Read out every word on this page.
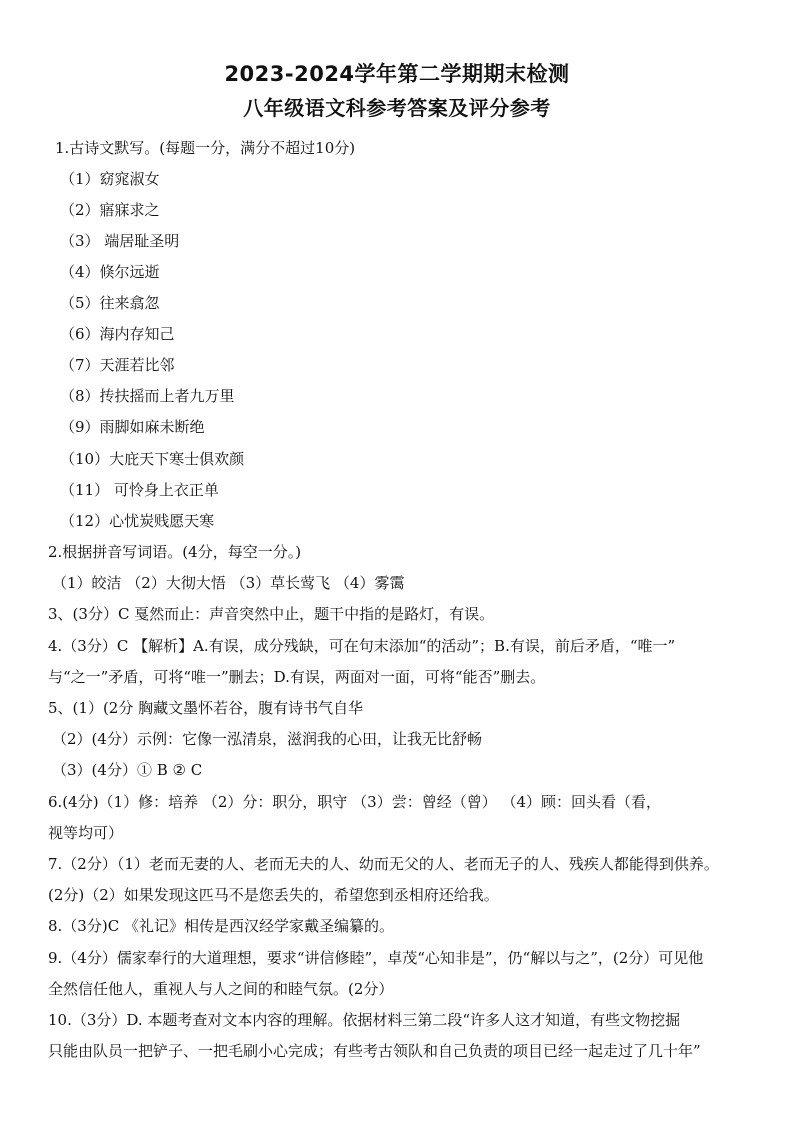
2023-2024学年第二学期期末检测
八年级语文科参考答案及评分参考
1.古诗文默写。(每题一分，满分不超过10分)
（1）窈窕淑女
（2）寤寐求之
（3） 端居耻圣明
（4）倏尔远逝
（5）往来翕忽
（6）海内存知己
（7）天涯若比邻
（8）抟扶摇而上者九万里
（9）雨脚如麻未断绝
（10）大庇天下寒士俱欢颜
（11） 可怜身上衣正单
（12）心忧炭贱愿天寒
2.根据拼音写词语。(4分，每空一分。)
（1）皎洁 （2）大彻大悟 （3）草长莺飞 （4）雾霭
3、(3分）C 戛然而止：声音突然中止，题干中指的是路灯，有误。
4.（3分）C 【解析】A.有误，成分残缺，可在句末添加“的活动”；B.有误，前后矛盾，“唯一”
与“之一”矛盾，可将“唯一”删去；D.有误，两面对一面，可将“能否”删去。
5、(1）(2分 胸藏文墨怀若谷，腹有诗书气自华
（2）(4分）示例：它像一泓清泉，滋润我的心田，让我无比舒畅
（3）(4分）① B ② C
6.(4分)（1）修：培养 （2）分：职分，职守 （3）尝：曾经（曾） （4）顾：回头看（看，
视等均可）
7.（2分）（1）老而无妻的人、老而无夫的人、幼而无父的人、老而无子的人、残疾人都能得到供养。
(2分)（2）如果发现这匹马不是您丢失的，希望您到丞相府还给我。
8.（3分)C 《礼记》相传是西汉经学家戴圣编纂的。
9.（4分）儒家奉行的大道理想，要求“讲信修睦”，卓茂“心知非是”，仍“解以与之”，(2分）可见他
全然信任他人，重视人与人之间的和睦气氛。(2分）
10.（3分）D. 本题考查对文本内容的理解。依据材料三第二段“许多人这才知道，有些文物挖掘
只能由队员一把铲子、一把毛刷小心完成；有些考古领队和自己负责的项目已经一起走过了几十年”
